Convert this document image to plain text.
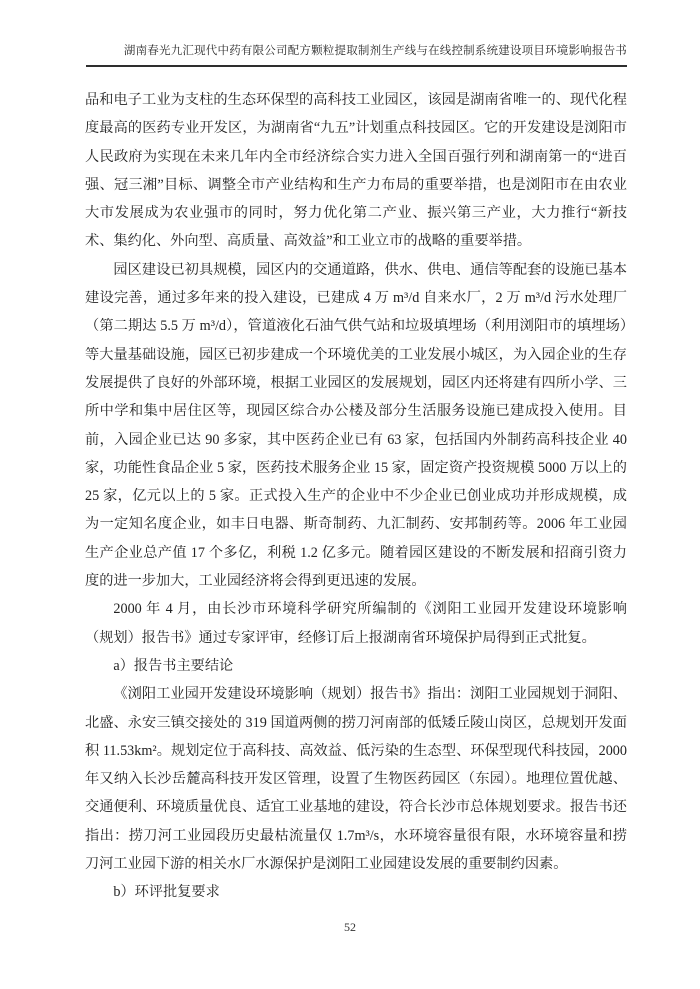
湖南春光九汇现代中药有限公司配方颗粒提取制剂生产线与在线控制系统建设项目环境影响报告书

品和电子工业为支柱的生态环保型的高科技工业园区，该园是湖南省唯一的、现代化程度最高的医药专业开发区，为湖南省“九五”计划重点科技园区。它的开发建设是浏阳市人民政府为实现在未来几年内全市经济综合实力进入全国百强行列和湖南第一的“进百强、冠三湘”目标、调整全市产业结构和生产力布局的重要举措，也是浏阳市在由农业大市发展成为农业强市的同时，努力优化第二产业、振兴第三产业，大力推行“新技术、集约化、外向型、高质量、高效益”和工业立市的战略的重要举措。

园区建设已初具规模，园区内的交通道路，供水、供电、通信等配套的设施已基本建设完善，通过多年来的投入建设，已建成 4 万 m³/d 自来水厂，2 万 m³/d 污水处理厂（第二期达 5.5 万 m³/d），管道液化石油气供气站和垃圾填埋场（利用浏阳市的填埋场）等大量基础设施，园区已初步建成一个环境优美的工业发展小城区，为入园企业的生存发展提供了良好的外部环境，根据工业园区的发展规划，园区内还将建有四所小学、三所中学和集中居住区等，现园区综合办公楼及部分生活服务设施已建成投入使用。目前，入园企业已达 90 多家，其中医药企业已有 63 家，包括国内外制药高科技企业 40 家，功能性食品企业 5 家，医药技术服务企业 15 家，固定资产投资规模 5000 万以上的 25 家，亿元以上的 5 家。正式投入生产的企业中不少企业已创业成功并形成规模，成为一定知名度企业，如丰日电器、斯奇制药、九汇制药、安邦制药等。2006 年工业园生产企业总产值 17 个多亿，利税 1.2 亿多元。随着园区建设的不断发展和招商引资力度的进一步加大，工业园经济将会得到更迅速的发展。

2000 年 4 月，由长沙市环境科学研究所编制的《浏阳工业园开发建设环境影响（规划）报告书》通过专家评审，经修订后上报湖南省环境保护局得到正式批复。

a）报告书主要结论

《浏阳工业园开发建设环境影响（规划）报告书》指出：浏阳工业园规划于洞阳、北盛、永安三镇交接处的 319 国道两侧的捞刀河南部的低矮丘陵山岗区，总规划开发面积 11.53km²。规划定位于高科技、高效益、低污染的生态型、环保型现代科技园，2000 年又纳入长沙岳麓高科技开发区管理，设置了生物医药园区（东园）。地理位置优越、交通便利、环境质量优良、适宜工业基地的建设，符合长沙市总体规划要求。报告书还指出：捞刀河工业园段历史最枯流量仅 1.7m³/s，水环境容量很有限，水环境容量和捞刀河工业园下游的相关水厂水源保护是浏阳工业园建设发展的重要制约因素。

b）环评批复要求

52
